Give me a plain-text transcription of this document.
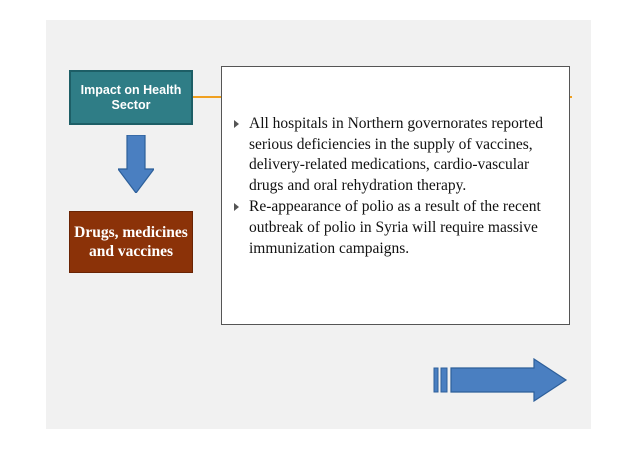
Impact on Health Sector
Drugs, medicines and vaccines
All hospitals in Northern governorates reported serious deficiencies in the supply of vaccines, delivery-related medications, cardio-vascular drugs and oral rehydration therapy.
Re-appearance of polio as a result of the recent outbreak of polio in Syria will require massive immunization campaigns.
